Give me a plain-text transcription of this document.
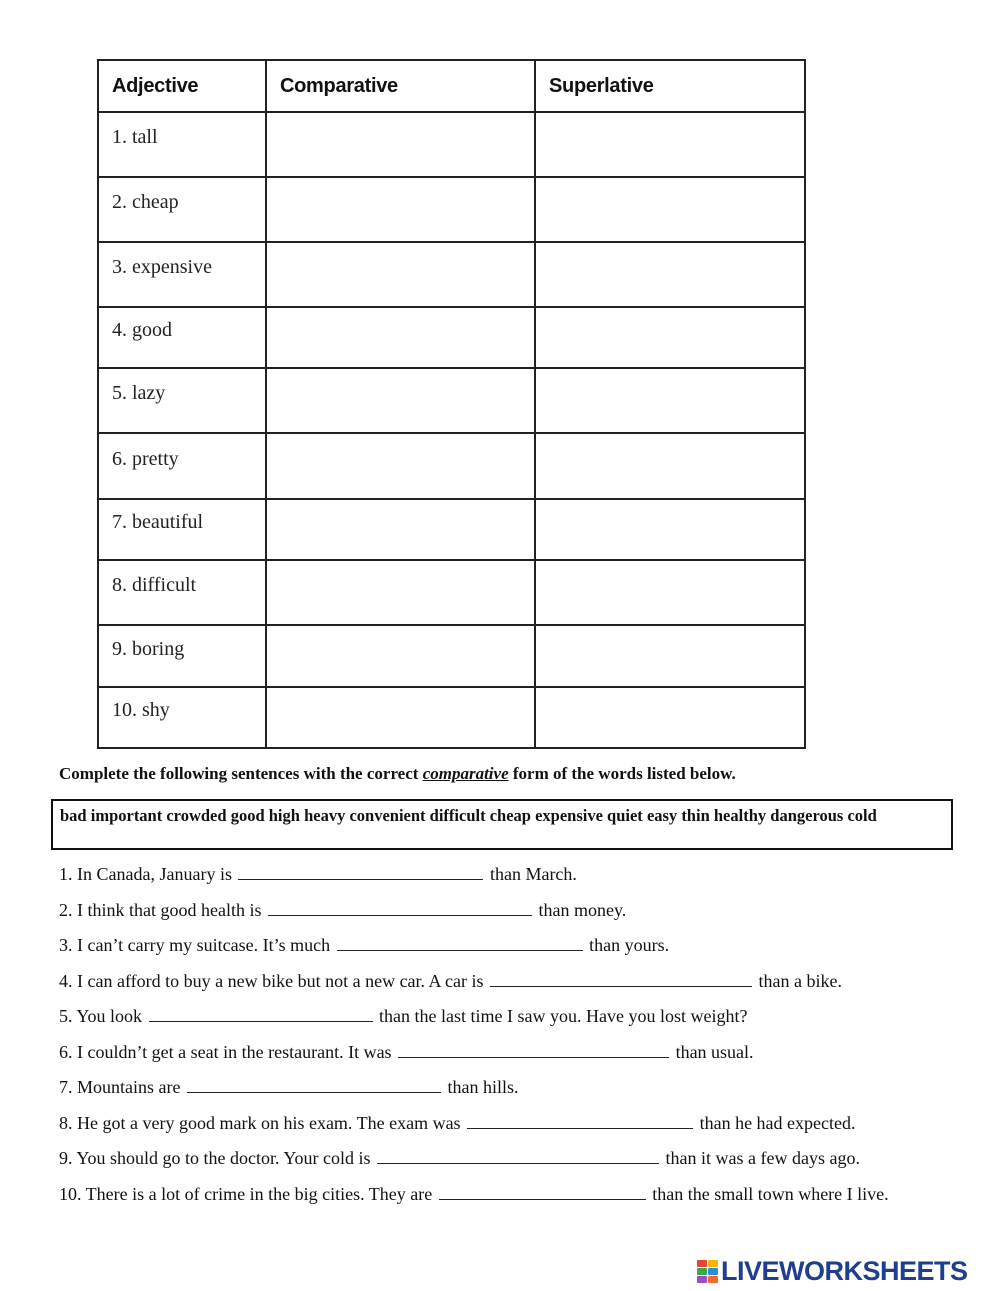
Adjective	Comparative	Superlative
1. tall		
2. cheap		
3. expensive		
4. good		
5. lazy		
6. pretty		
7. beautiful		
8. difficult		
9. boring		
10. shy		
Complete the following sentences with the correct comparative form of the words listed below.
bad important crowded good high heavy convenient difficult cheap expensive quiet easy thin healthy dangerous cold
1. In Canada, January is	than March.
2. I think that good health is	than money.
3. I can’t carry my suitcase. It’s much	than yours.
4. I can afford to buy a new bike but not a new car. A car is	than a bike.
5. You look	than the last time I saw you. Have you lost weight?
6. I couldn’t get a seat in the restaurant. It was	than usual.
7. Mountains are	than hills.
8. He got a very good mark on his exam. The exam was	than he had expected.
9. You should go to the doctor. Your cold is	than it was a few days ago.
10. There is a lot of crime in the big cities. They are	than the small town where I live.
LIVEWORKSHEETS
